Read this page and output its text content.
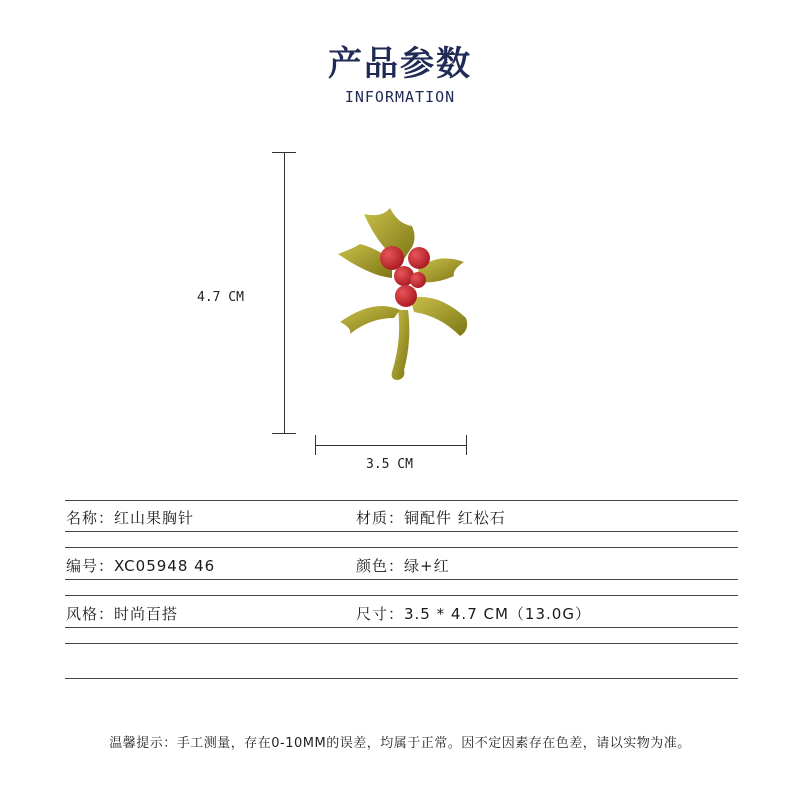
产品参数
INFORMATION
4.7 CM
3.5 CM
名称：红山果胸针	材质：铜配件 红松石
编号：XC05948 46	颜色：绿+红
风格：时尚百搭	尺寸：3.5 * 4.7 CM（13.0G）
温馨提示：手工测量，存在0-10MM的误差，均属于正常。因不定因素存在色差，请以实物为准。
